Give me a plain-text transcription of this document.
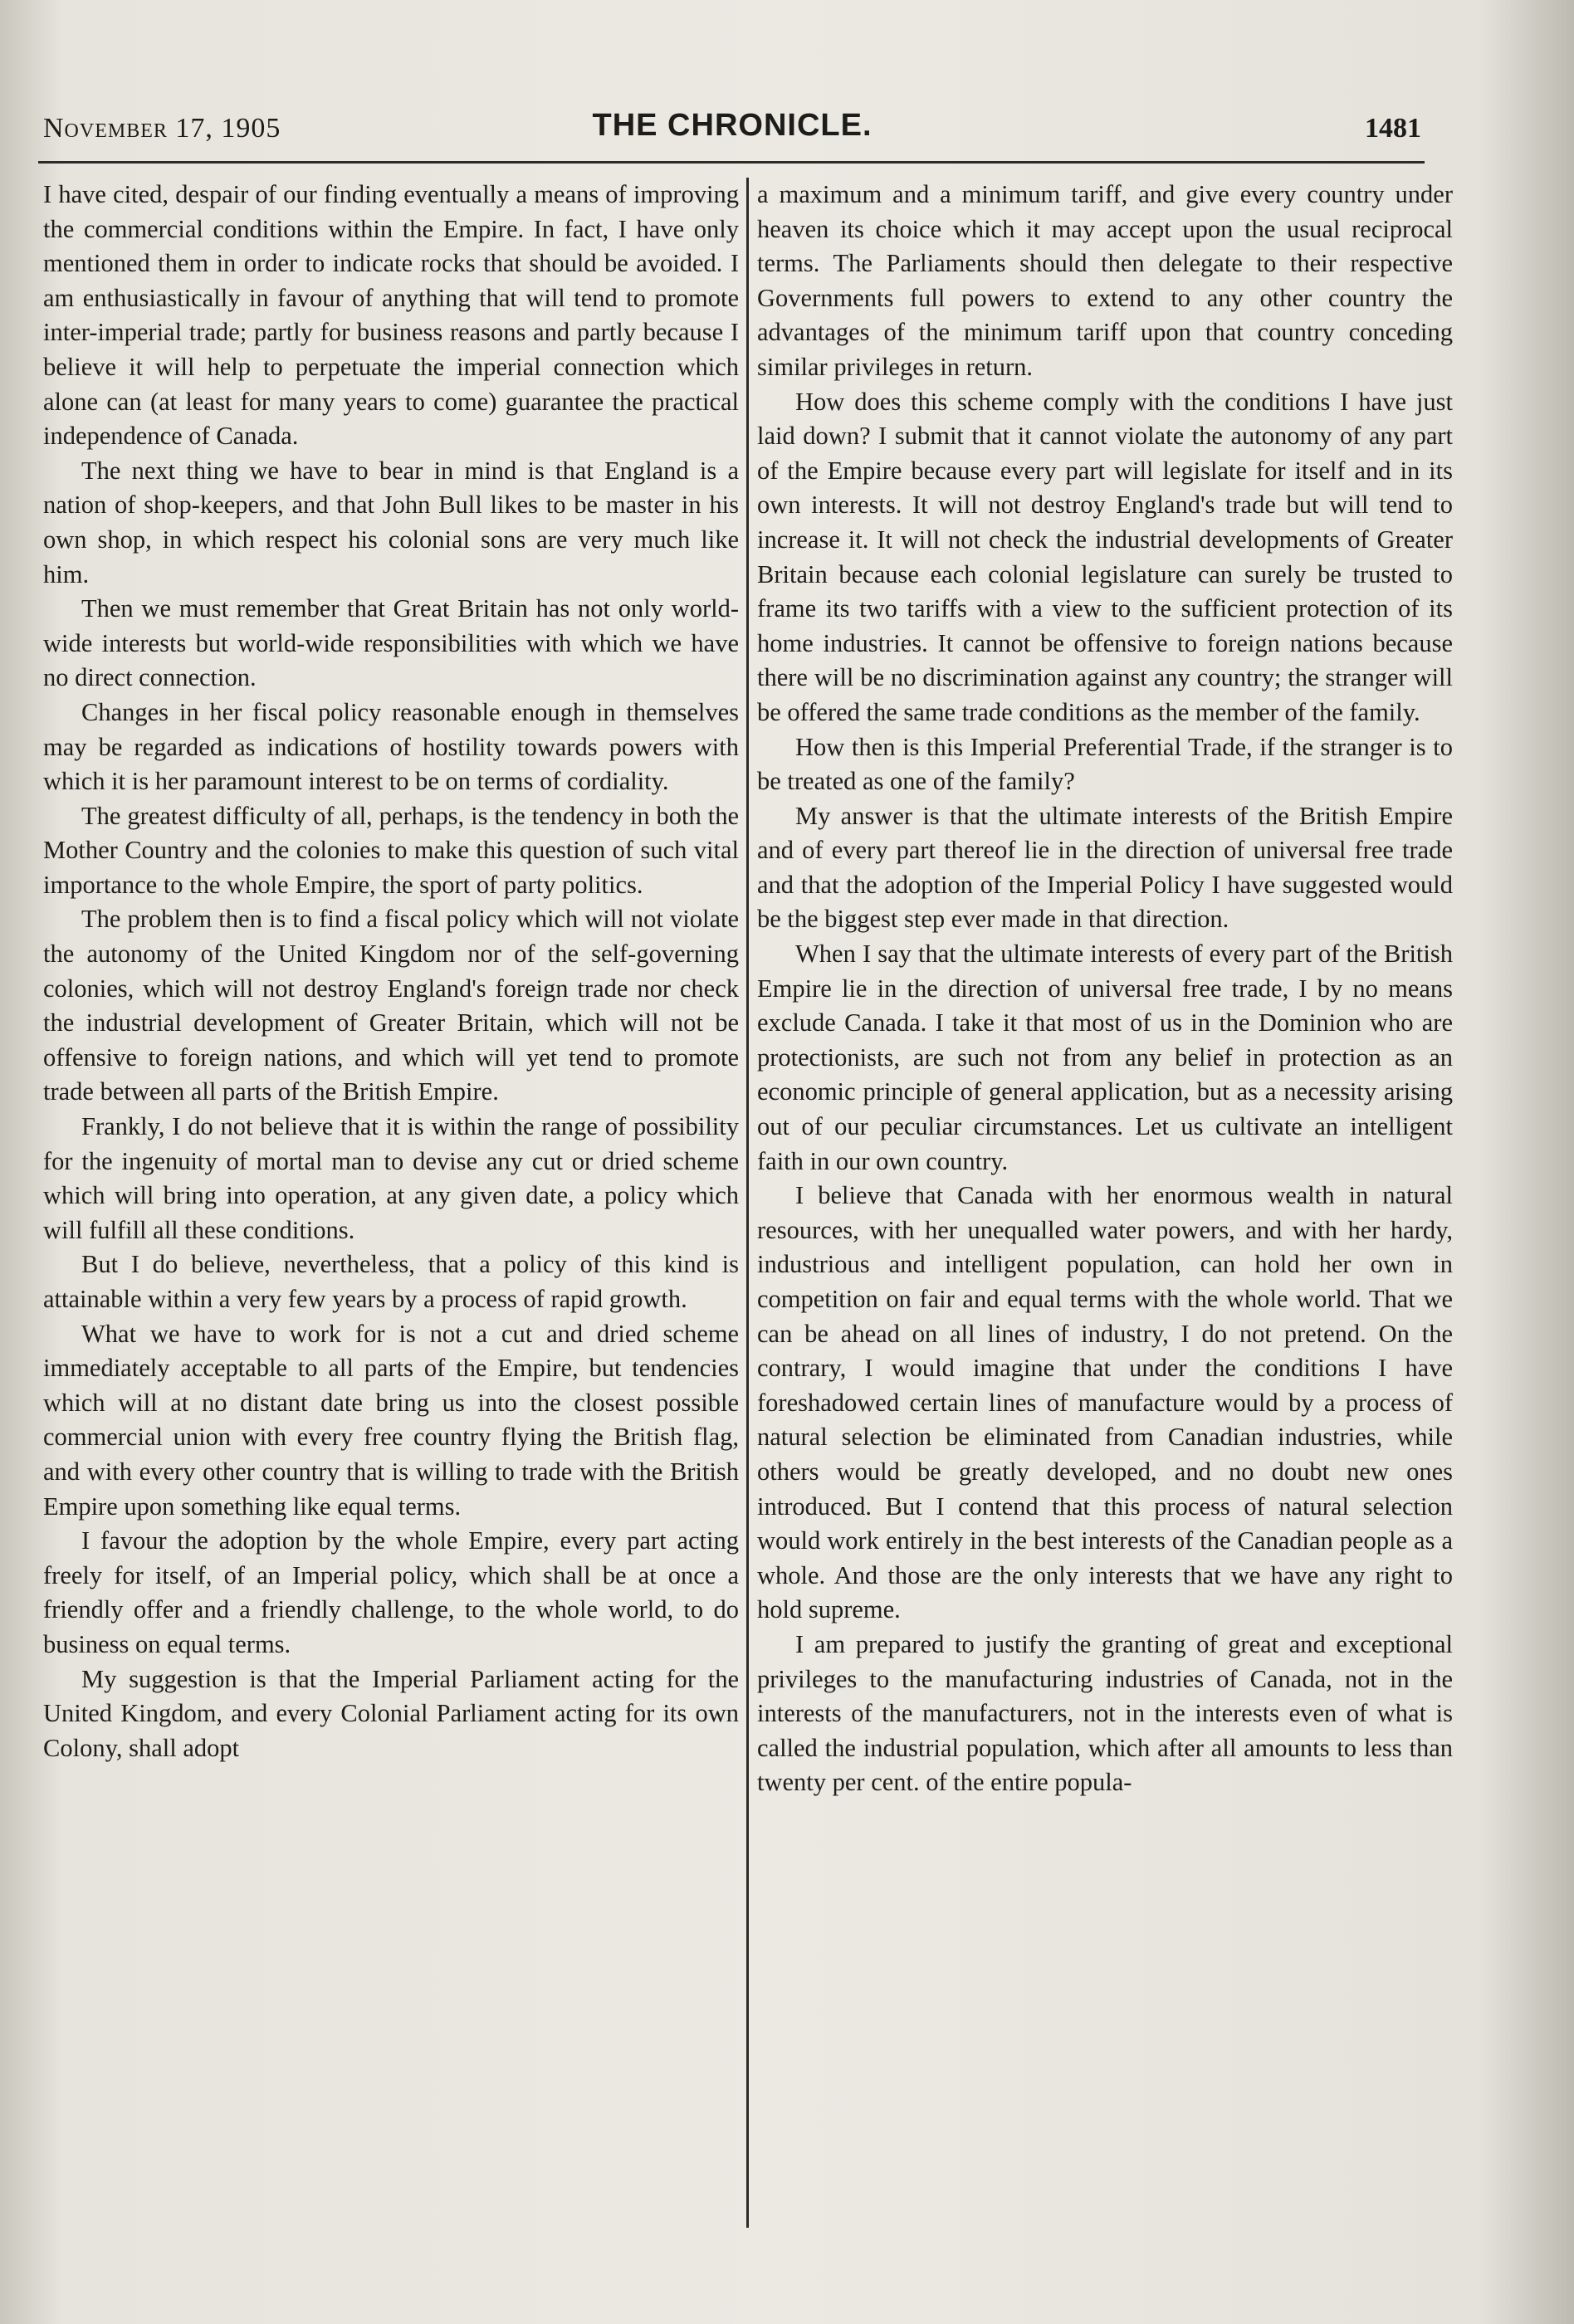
November 17, 1905	THE CHRONICLE.	1481

I have cited, despair of our finding eventually a means of improving the commercial conditions within the Empire. In fact, I have only mentioned them in order to indicate rocks that should be avoided. I am enthusiastically in favour of anything that will tend to promote inter-imperial trade; partly for business reasons and partly because I believe it will help to perpetuate the imperial connection which alone can (at least for many years to come) guarantee the practical independence of Canada.

The next thing we have to bear in mind is that England is a nation of shop-keepers, and that John Bull likes to be master in his own shop, in which respect his colonial sons are very much like him.

Then we must remember that Great Britain has not only world-wide interests but world-wide responsibilities with which we have no direct connection.

Changes in her fiscal policy reasonable enough in themselves may be regarded as indications of hostility towards powers with which it is her paramount interest to be on terms of cordiality.

The greatest difficulty of all, perhaps, is the tendency in both the Mother Country and the colonies to make this question of such vital importance to the whole Empire, the sport of party politics.

The problem then is to find a fiscal policy which will not violate the autonomy of the United Kingdom nor of the self-governing colonies, which will not destroy England's foreign trade nor check the industrial development of Greater Britain, which will not be offensive to foreign nations, and which will yet tend to promote trade between all parts of the British Empire.

Frankly, I do not believe that it is within the range of possibility for the ingenuity of mortal man to devise any cut or dried scheme which will bring into operation, at any given date, a policy which will fulfill all these conditions.

But I do believe, nevertheless, that a policy of this kind is attainable within a very few years by a process of rapid growth.

What we have to work for is not a cut and dried scheme immediately acceptable to all parts of the Empire, but tendencies which will at no distant date bring us into the closest possible commercial union with every free country flying the British flag, and with every other country that is willing to trade with the British Empire upon something like equal terms.

I favour the adoption by the whole Empire, every part acting freely for itself, of an Imperial policy, which shall be at once a friendly offer and a friendly challenge, to the whole world, to do business on equal terms.

My suggestion is that the Imperial Parliament acting for the United Kingdom, and every Colonial Parliament acting for its own Colony, shall adopt

a maximum and a minimum tariff, and give every country under heaven its choice which it may accept upon the usual reciprocal terms. The Parliaments should then delegate to their respective Governments full powers to extend to any other country the advantages of the minimum tariff upon that country conceding similar privileges in return.

How does this scheme comply with the conditions I have just laid down? I submit that it cannot violate the autonomy of any part of the Empire because every part will legislate for itself and in its own interests. It will not destroy England's trade but will tend to increase it. It will not check the industrial developments of Greater Britain because each colonial legislature can surely be trusted to frame its two tariffs with a view to the sufficient protection of its home industries. It cannot be offensive to foreign nations because there will be no discrimination against any country; the stranger will be offered the same trade conditions as the member of the family.

How then is this Imperial Preferential Trade, if the stranger is to be treated as one of the family?

My answer is that the ultimate interests of the British Empire and of every part thereof lie in the direction of universal free trade and that the adoption of the Imperial Policy I have suggested would be the biggest step ever made in that direction.

When I say that the ultimate interests of every part of the British Empire lie in the direction of universal free trade, I by no means exclude Canada. I take it that most of us in the Dominion who are protectionists, are such not from any belief in protection as an economic principle of general application, but as a necessity arising out of our peculiar circumstances. Let us cultivate an intelligent faith in our own country.

I believe that Canada with her enormous wealth in natural resources, with her unequalled water powers, and with her hardy, industrious and intelligent population, can hold her own in competition on fair and equal terms with the whole world. That we can be ahead on all lines of industry, I do not pretend. On the contrary, I would imagine that under the conditions I have foreshadowed certain lines of manufacture would by a process of natural selection be eliminated from Canadian industries, while others would be greatly developed, and no doubt new ones introduced. But I contend that this process of natural selection would work entirely in the best interests of the Canadian people as a whole. And those are the only interests that we have any right to hold supreme.

I am prepared to justify the granting of great and exceptional privileges to the manufacturing industries of Canada, not in the interests of the manufacturers, not in the interests even of what is called the industrial population, which after all amounts to less than twenty per cent. of the entire popula-
